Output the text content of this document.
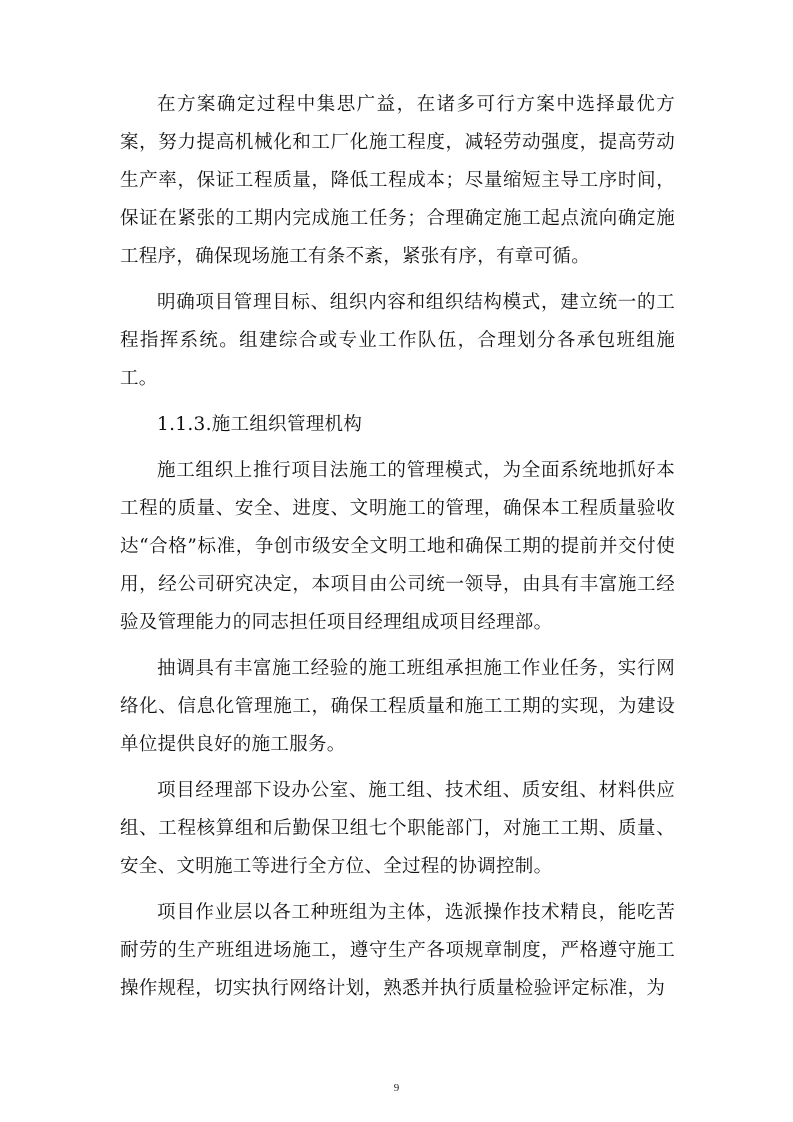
在方案确定过程中集思广益，在诸多可行方案中选择最优方案，努力提高机械化和工厂化施工程度，减轻劳动强度，提高劳动生产率，保证工程质量，降低工程成本；尽量缩短主导工序时间，保证在紧张的工期内完成施工任务；合理确定施工起点流向确定施工程序，确保现场施工有条不紊，紧张有序，有章可循。

明确项目管理目标、组织内容和组织结构模式，建立统一的工程指挥系统。组建综合或专业工作队伍，合理划分各承包班组施工。

1.1.3.施工组织管理机构

施工组织上推行项目法施工的管理模式，为全面系统地抓好本工程的质量、安全、进度、文明施工的管理，确保本工程质量验收达“合格”标准，争创市级安全文明工地和确保工期的提前并交付使用，经公司研究决定，本项目由公司统一领导，由具有丰富施工经验及管理能力的同志担任项目经理组成项目经理部。

抽调具有丰富施工经验的施工班组承担施工作业任务，实行网络化、信息化管理施工，确保工程质量和施工工期的实现，为建设单位提供良好的施工服务。

项目经理部下设办公室、施工组、技术组、质安组、材料供应组、工程核算组和后勤保卫组七个职能部门，对施工工期、质量、安全、文明施工等进行全方位、全过程的协调控制。

项目作业层以各工种班组为主体，选派操作技术精良，能吃苦耐劳的生产班组进场施工，遵守生产各项规章制度，严格遵守施工操作规程，切实执行网络计划，熟悉并执行质量检验评定标准，为

9
